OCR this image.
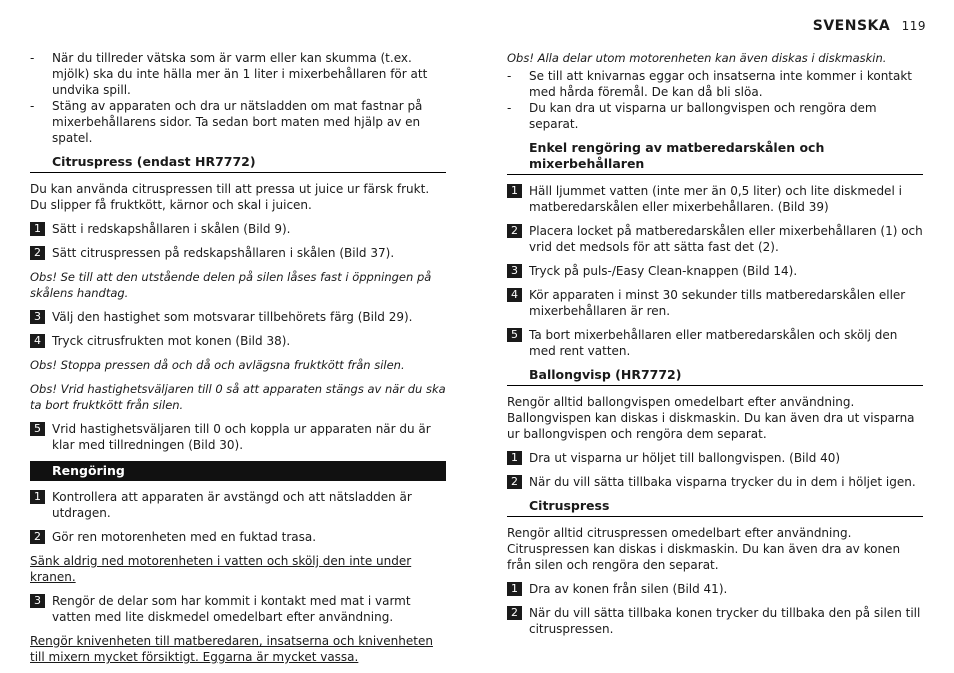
SVENSKA 119
- När du tillreder vätska som är varm eller kan skumma (t.ex. mjölk) ska du inte hälla mer än 1 liter i mixerbehållaren för att undvika spill.
- Stäng av apparaten och dra ur nätsladden om mat fastnar på mixerbehållarens sidor. Ta sedan bort maten med hjälp av en spatel.
Citruspress (endast HR7772)

Du kan använda citruspressen till att pressa ut juice ur färsk frukt. Du slipper få fruktkött, kärnor och skal i juicen.

1 Sätt i redskapshållaren i skålen (Bild 9).
2 Sätt citruspressen på redskapshållaren i skålen (Bild 37).

Obs! Se till att den utstående delen på silen låses fast i öppningen på skålens handtag.

3 Välj den hastighet som motsvarar tillbehörets färg (Bild 29).
4 Tryck citrusfrukten mot konen (Bild 38).

Obs! Stoppa pressen då och då och avlägsna fruktkött från silen.

Obs! Vrid hastighetsväljaren till 0 så att apparaten stängs av när du ska ta bort fruktkött från silen.

5 Vrid hastighetsväljaren till 0 och koppla ur apparaten när du är klar med tillredningen (Bild 30).
Rengöring
1 Kontrollera att apparaten är avstängd och att nätsladden är utdragen.
2 Gör ren motorenheten med en fuktad trasa.

Sänk aldrig ned motorenheten i vatten och skölj den inte under kranen.

3 Rengör de delar som har kommit i kontakt med mat i varmt vatten med lite diskmedel omedelbart efter användning.

Rengör knivenheten till matberedaren, insatserna och knivenheten till mixern mycket försiktigt. Eggarna är mycket vassa.

Obs! Alla delar utom motorenheten kan även diskas i diskmaskin.

- Se till att knivarnas eggar och insatserna inte kommer i kontakt med hårda föremål. De kan då bli slöa.
- Du kan dra ut visparna ur ballongvispen och rengöra dem separat.
Enkel rengöring av matberedarskålen och mixerbehållaren
1 Häll ljummet vatten (inte mer än 0,5 liter) och lite diskmedel i matberedarskålen eller mixerbehållaren. (Bild 39)
2 Placera locket på matberedarskålen eller mixerbehållaren (1) och vrid det medsols för att sätta fast det (2).
3 Tryck på puls-/Easy Clean-knappen (Bild 14).
4 Kör apparaten i minst 30 sekunder tills matberedarskålen eller mixerbehållaren är ren.
5 Ta bort mixerbehållaren eller matberedarskålen och skölj den med rent vatten.
Ballongvisp (HR7772)

Rengör alltid ballongvispen omedelbart efter användning. Ballongvispen kan diskas i diskmaskin. Du kan även dra ut visparna ur ballongvispen och rengöra dem separat.

1 Dra ut visparna ur höljet till ballongvispen. (Bild 40)
2 När du vill sätta tillbaka visparna trycker du in dem i höljet igen.
Citruspress

Rengör alltid citruspressen omedelbart efter användning. Citruspressen kan diskas i diskmaskin. Du kan även dra av konen från silen och rengöra den separat.

1 Dra av konen från silen (Bild 41).
2 När du vill sätta tillbaka konen trycker du tillbaka den på silen till citruspressen.
